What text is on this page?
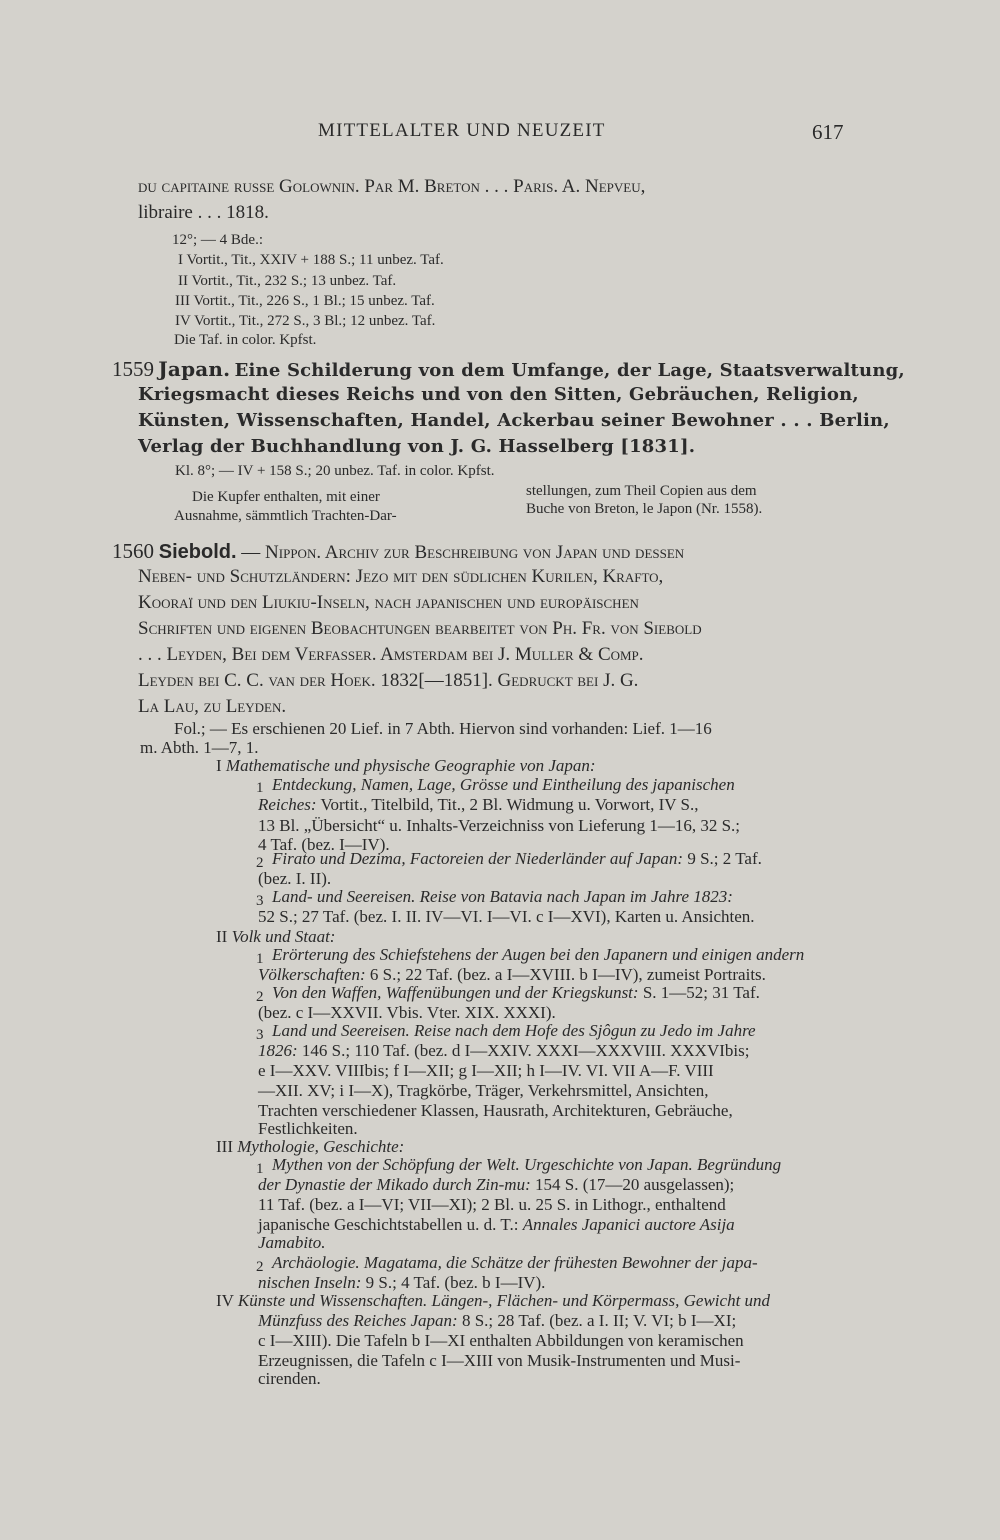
MITTELALTER UND NEUZEIT	617
du capitaine russe Golownin. Par M. Breton . . . Paris. A. Nepveu,
libraire . . . 1818.
12°; — 4 Bde.:
I Vortit., Tit., XXIV + 188 S.; 11 unbez. Taf.
II Vortit., Tit., 232 S.; 13 unbez. Taf.
III Vortit., Tit., 226 S., 1 Bl.; 15 unbez. Taf.
IV Vortit., Tit., 272 S., 3 Bl.; 12 unbez. Taf.
Die Taf. in color. Kpfst.
1559 Japan. Eine Schilderung von dem Umfange, der Lage, Staatsverwaltung,
Kriegsmacht dieses Reichs und von den Sitten, Gebräuchen, Religion,
Künsten, Wissenschaften, Handel, Ackerbau seiner Bewohner . . . Berlin,
Verlag der Buchhandlung von J. G. Hasselberg [1831].
Kl. 8°; — IV + 158 S.; 20 unbez. Taf. in color. Kpfst.
Die Kupfer enthalten, mit einer
Ausnahme, sämmtlich Trachten-Dar-
stellungen, zum Theil Copien aus dem
Buche von Breton, le Japon (Nr. 1558).
1560 Siebold. — Nippon. Archiv zur Beschreibung von Japan und dessen
Neben- und Schutzländern: Jezo mit den südlichen Kurilen, Krafto,
Kooraï und den Liukiu-Inseln, nach japanischen und europäischen
Schriften und eigenen Beobachtungen bearbeitet von Ph. Fr. von Siebold
. . . Leyden, Bei dem Verfasser. Amsterdam bei J. Muller & Comp.
Leyden bei C. C. van der Hoek. 1832[—1851]. Gedruckt bei J. G.
La Lau, zu Leyden.
Fol.; — Es erschienen 20 Lief. in 7 Abth. Hiervon sind vorhanden: Lief. 1—16
m. Abth. 1—7, 1.
I Mathematische und physische Geographie von Japan:
1 Entdeckung, Namen, Lage, Grösse und Eintheilung des japanischen
Reiches: Vortit., Titelbild, Tit., 2 Bl. Widmung u. Vorwort, IV S.,
13 Bl. „Übersicht“ u. Inhalts-Verzeichniss von Lieferung 1—16, 32 S.;
4 Taf. (bez. I—IV).
2 Firato und Dezima, Factoreien der Niederländer auf Japan: 9 S.; 2 Taf.
(bez. I. II).
3 Land- und Seereisen. Reise von Batavia nach Japan im Jahre 1823:
52 S.; 27 Taf. (bez. I. II. IV—VI. I—VI. c I—XVI), Karten u. Ansichten.
II Volk und Staat:
1 Erörterung des Schiefstehens der Augen bei den Japanern und einigen andern
Völkerschaften: 6 S.; 22 Taf. (bez. a I—XVIII. b I—IV), zumeist Portraits.
2 Von den Waffen, Waffenübungen und der Kriegskunst: S. 1—52; 31 Taf.
(bez. c I—XXVII. Vbis. Vter. XIX. XXXI).
3 Land und Seereisen. Reise nach dem Hofe des Sjôgun zu Jedo im Jahre
1826: 146 S.; 110 Taf. (bez. d I—XXIV. XXXI—XXXVIII. XXXVIbis;
e I—XXV. VIIIbis; f I—XII; g I—XII; h I—IV. VI. VII A—F. VIII
—XII. XV; i I—X), Tragkörbe, Träger, Verkehrsmittel, Ansichten,
Trachten verschiedener Klassen, Hausrath, Architekturen, Gebräuche,
Festlichkeiten.
III Mythologie, Geschichte:
1 Mythen von der Schöpfung der Welt. Urgeschichte von Japan. Begründung
der Dynastie der Mikado durch Zin-mu: 154 S. (17—20 ausgelassen);
11 Taf. (bez. a I—VI; VII—XI); 2 Bl. u. 25 S. in Lithogr., enthaltend
japanische Geschichtstabellen u. d. T.: Annales Japanici auctore Asija
Jamabito.
2 Archäologie. Magatama, die Schätze der frühesten Bewohner der japa-
nischen Inseln: 9 S.; 4 Taf. (bez. b I—IV).
IV Künste und Wissenschaften. Längen-, Flächen- und Körpermass, Gewicht und
Münzfuss des Reiches Japan: 8 S.; 28 Taf. (bez. a I. II; V. VI; b I—XI;
c I—XIII). Die Tafeln b I—XI enthalten Abbildungen von keramischen
Erzeugnissen, die Tafeln c I—XIII von Musik-Instrumenten und Musi-
cirenden.
